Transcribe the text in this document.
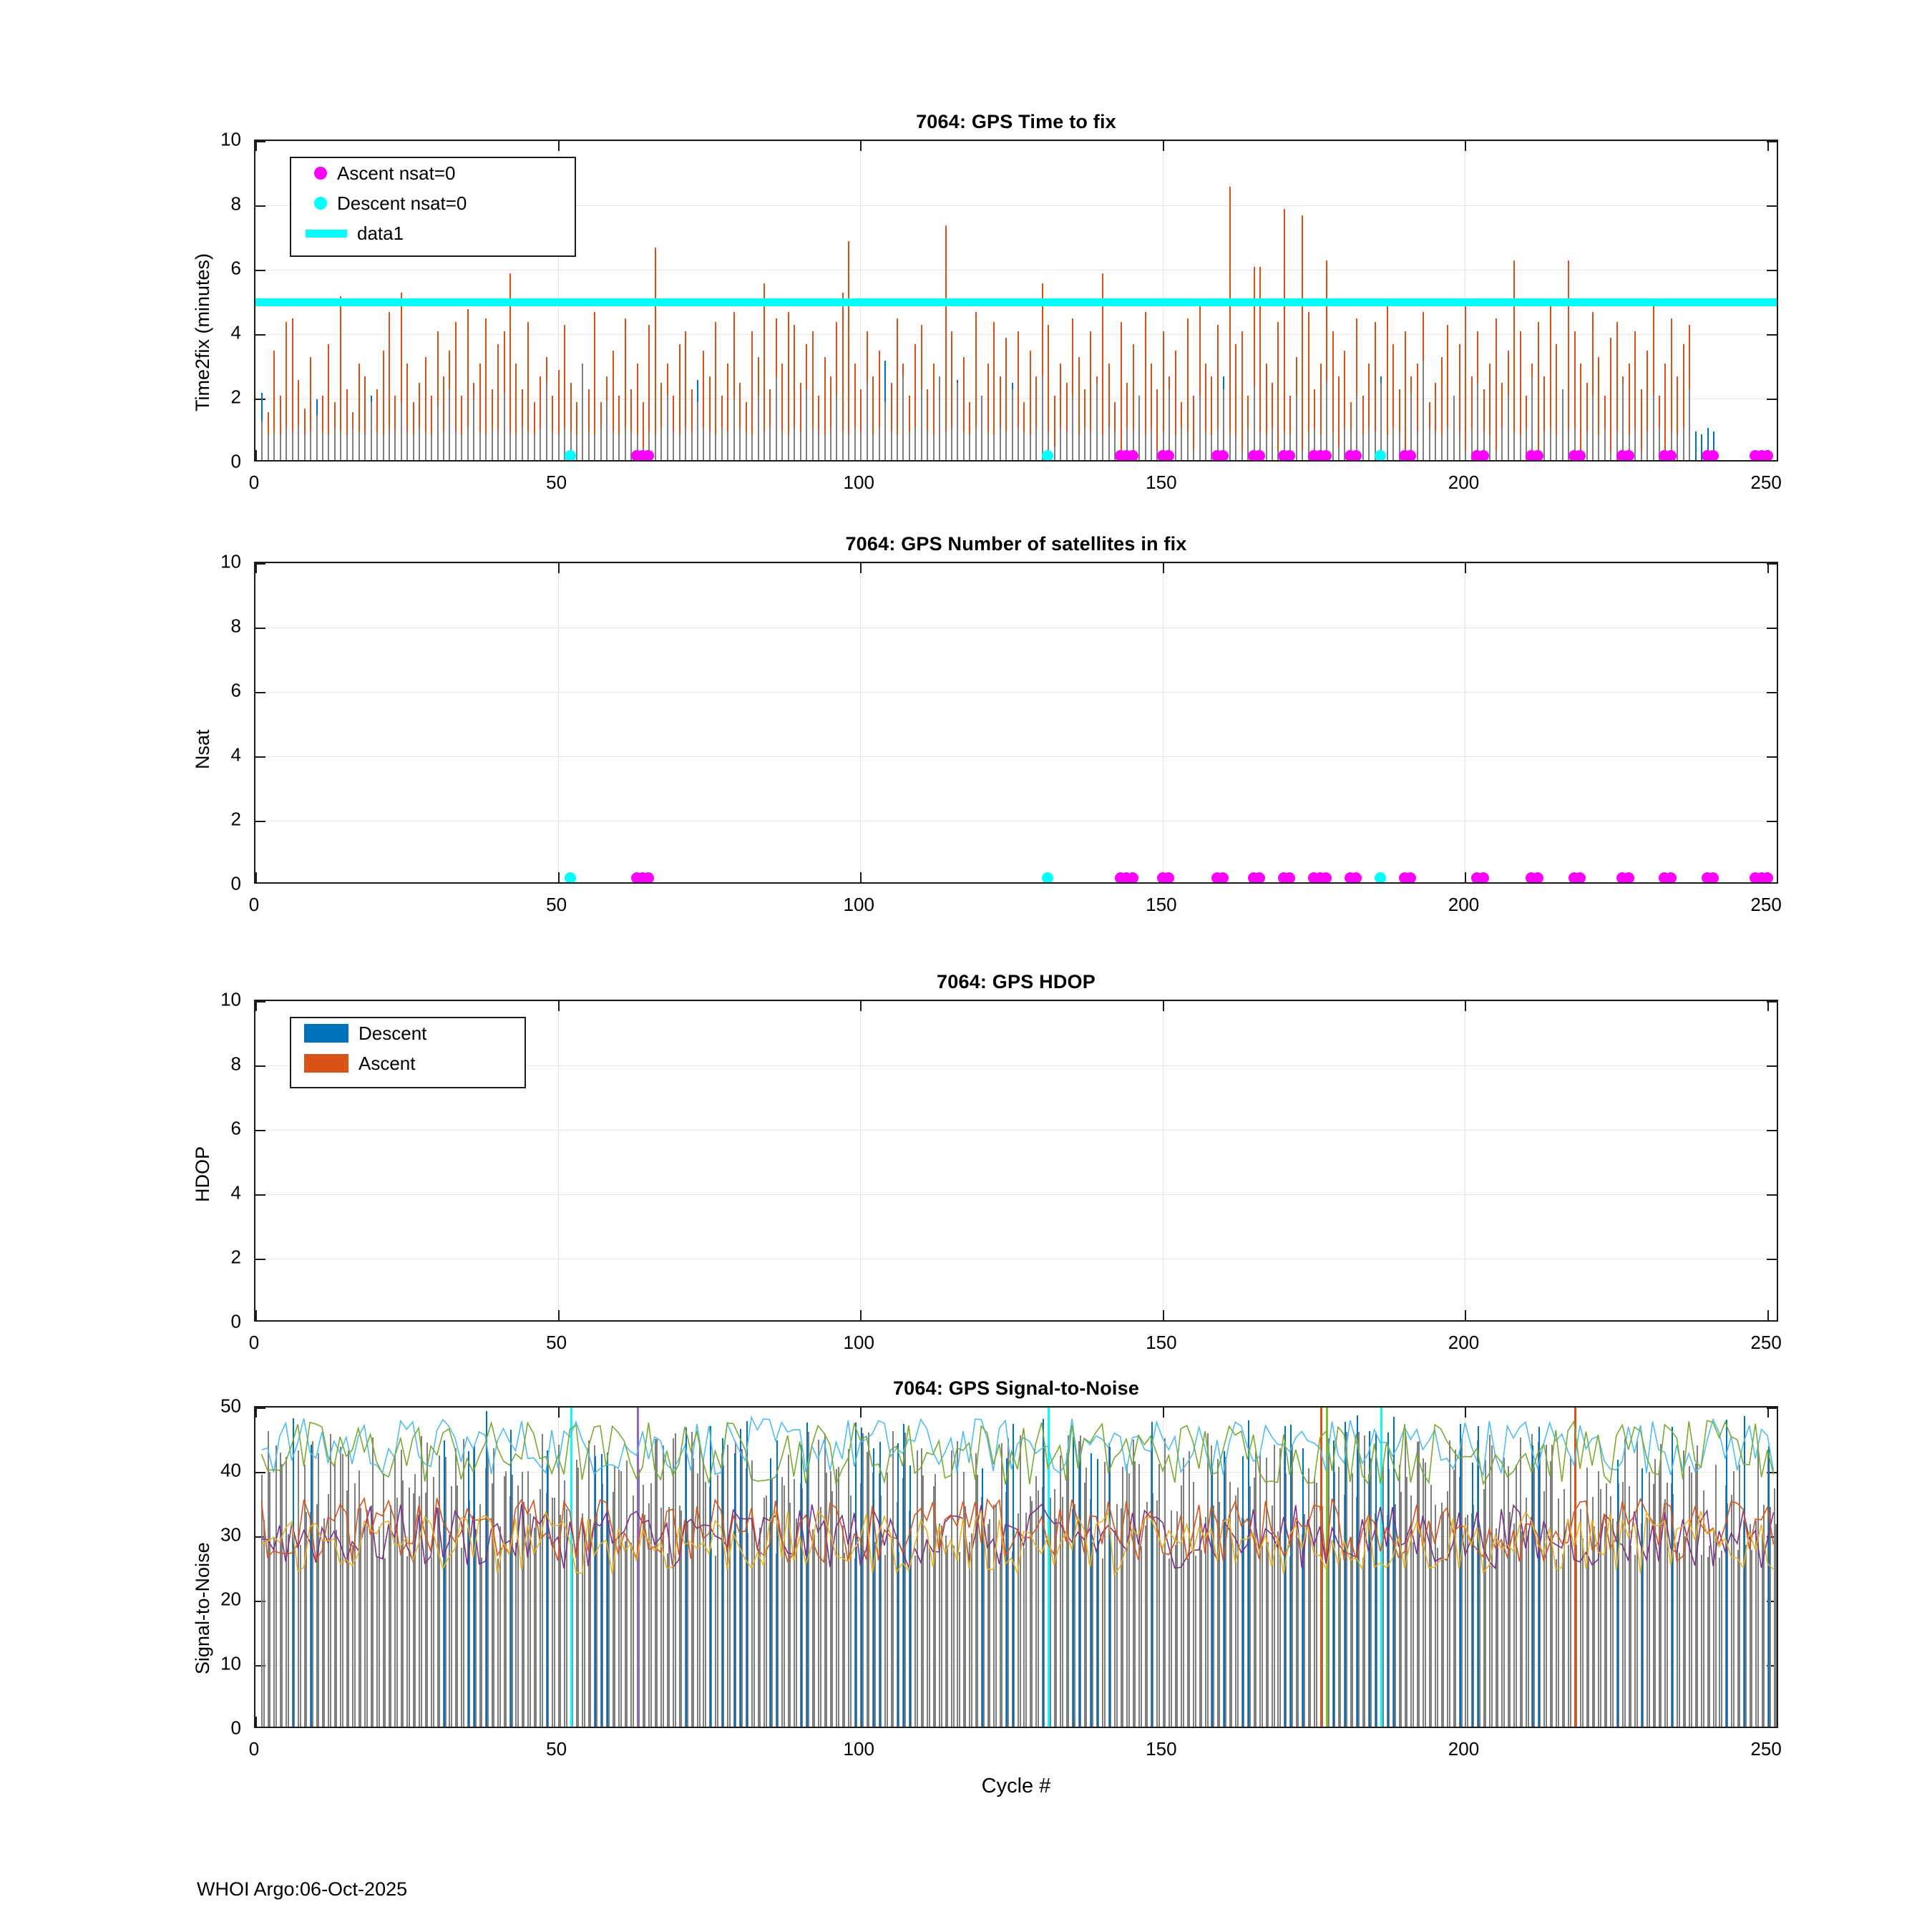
7064: GPS Time to fix
Time2fix (minutes)
Ascent nsat=0
Descent nsat=0
data1
7064: GPS Number of satellites in fix
Nsat
7064: GPS HDOP
HDOP
Descent
Ascent
7064: GPS Signal-to-Noise
Signal-to-Noise
Cycle #
WHOI Argo:06-Oct-2025
0
2
4
6
8
10
0	50	100	150	200	250
0
2
4
6
8
10
0	50	100	150	200	250
0
2
4
6
8
10
0	50	100	150	200	250
0
10
20
30
40
50
0	50	100	150	200	250
